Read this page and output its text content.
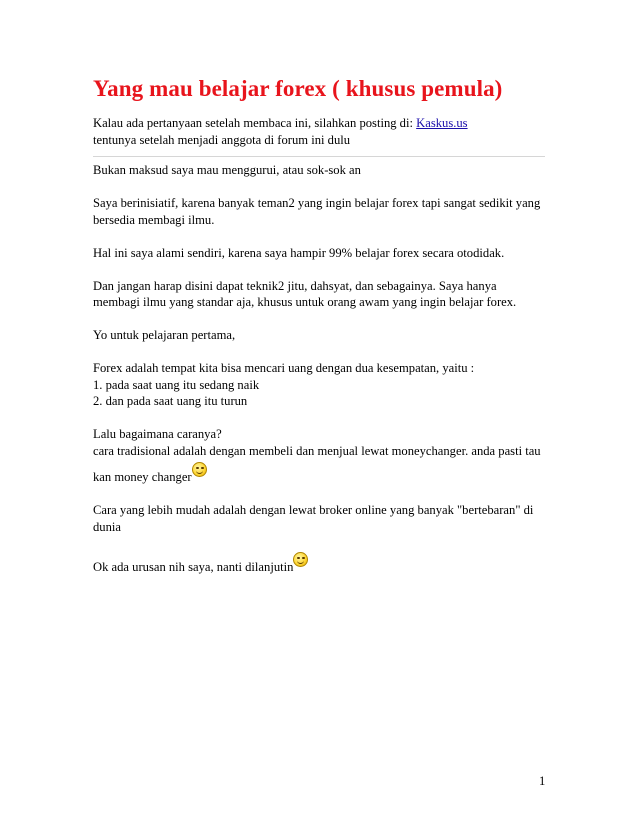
Yang mau belajar forex ( khusus pemula)

Kalau ada pertanyaan setelah membaca ini, silahkan posting di: Kaskus.us

tentunya setelah menjadi anggota di forum ini dulu

Bukan maksud saya mau menggurui, atau sok-sok an

Saya berinisiatif, karena banyak teman2 yang ingin belajar forex tapi sangat sedikit yang

bersedia membagi ilmu.

Hal ini saya alami sendiri, karena saya hampir 99% belajar forex secara otodidak.

Dan jangan harap disini dapat teknik2 jitu, dahsyat, dan sebagainya. Saya hanya

membagi ilmu yang standar aja, khusus untuk orang awam yang ingin belajar forex.

Yo untuk pelajaran pertama,

Forex adalah tempat kita bisa mencari uang dengan dua kesempatan, yaitu :

1. pada saat uang itu sedang naik

2. dan pada saat uang itu turun

Lalu bagaimana caranya?

cara tradisional adalah dengan membeli dan menjual lewat moneychanger. anda pasti tau

kan money changer

Cara yang lebih mudah adalah dengan lewat broker online yang banyak "bertebaran" di

dunia

Ok ada urusan nih saya, nanti dilanjutin

1
